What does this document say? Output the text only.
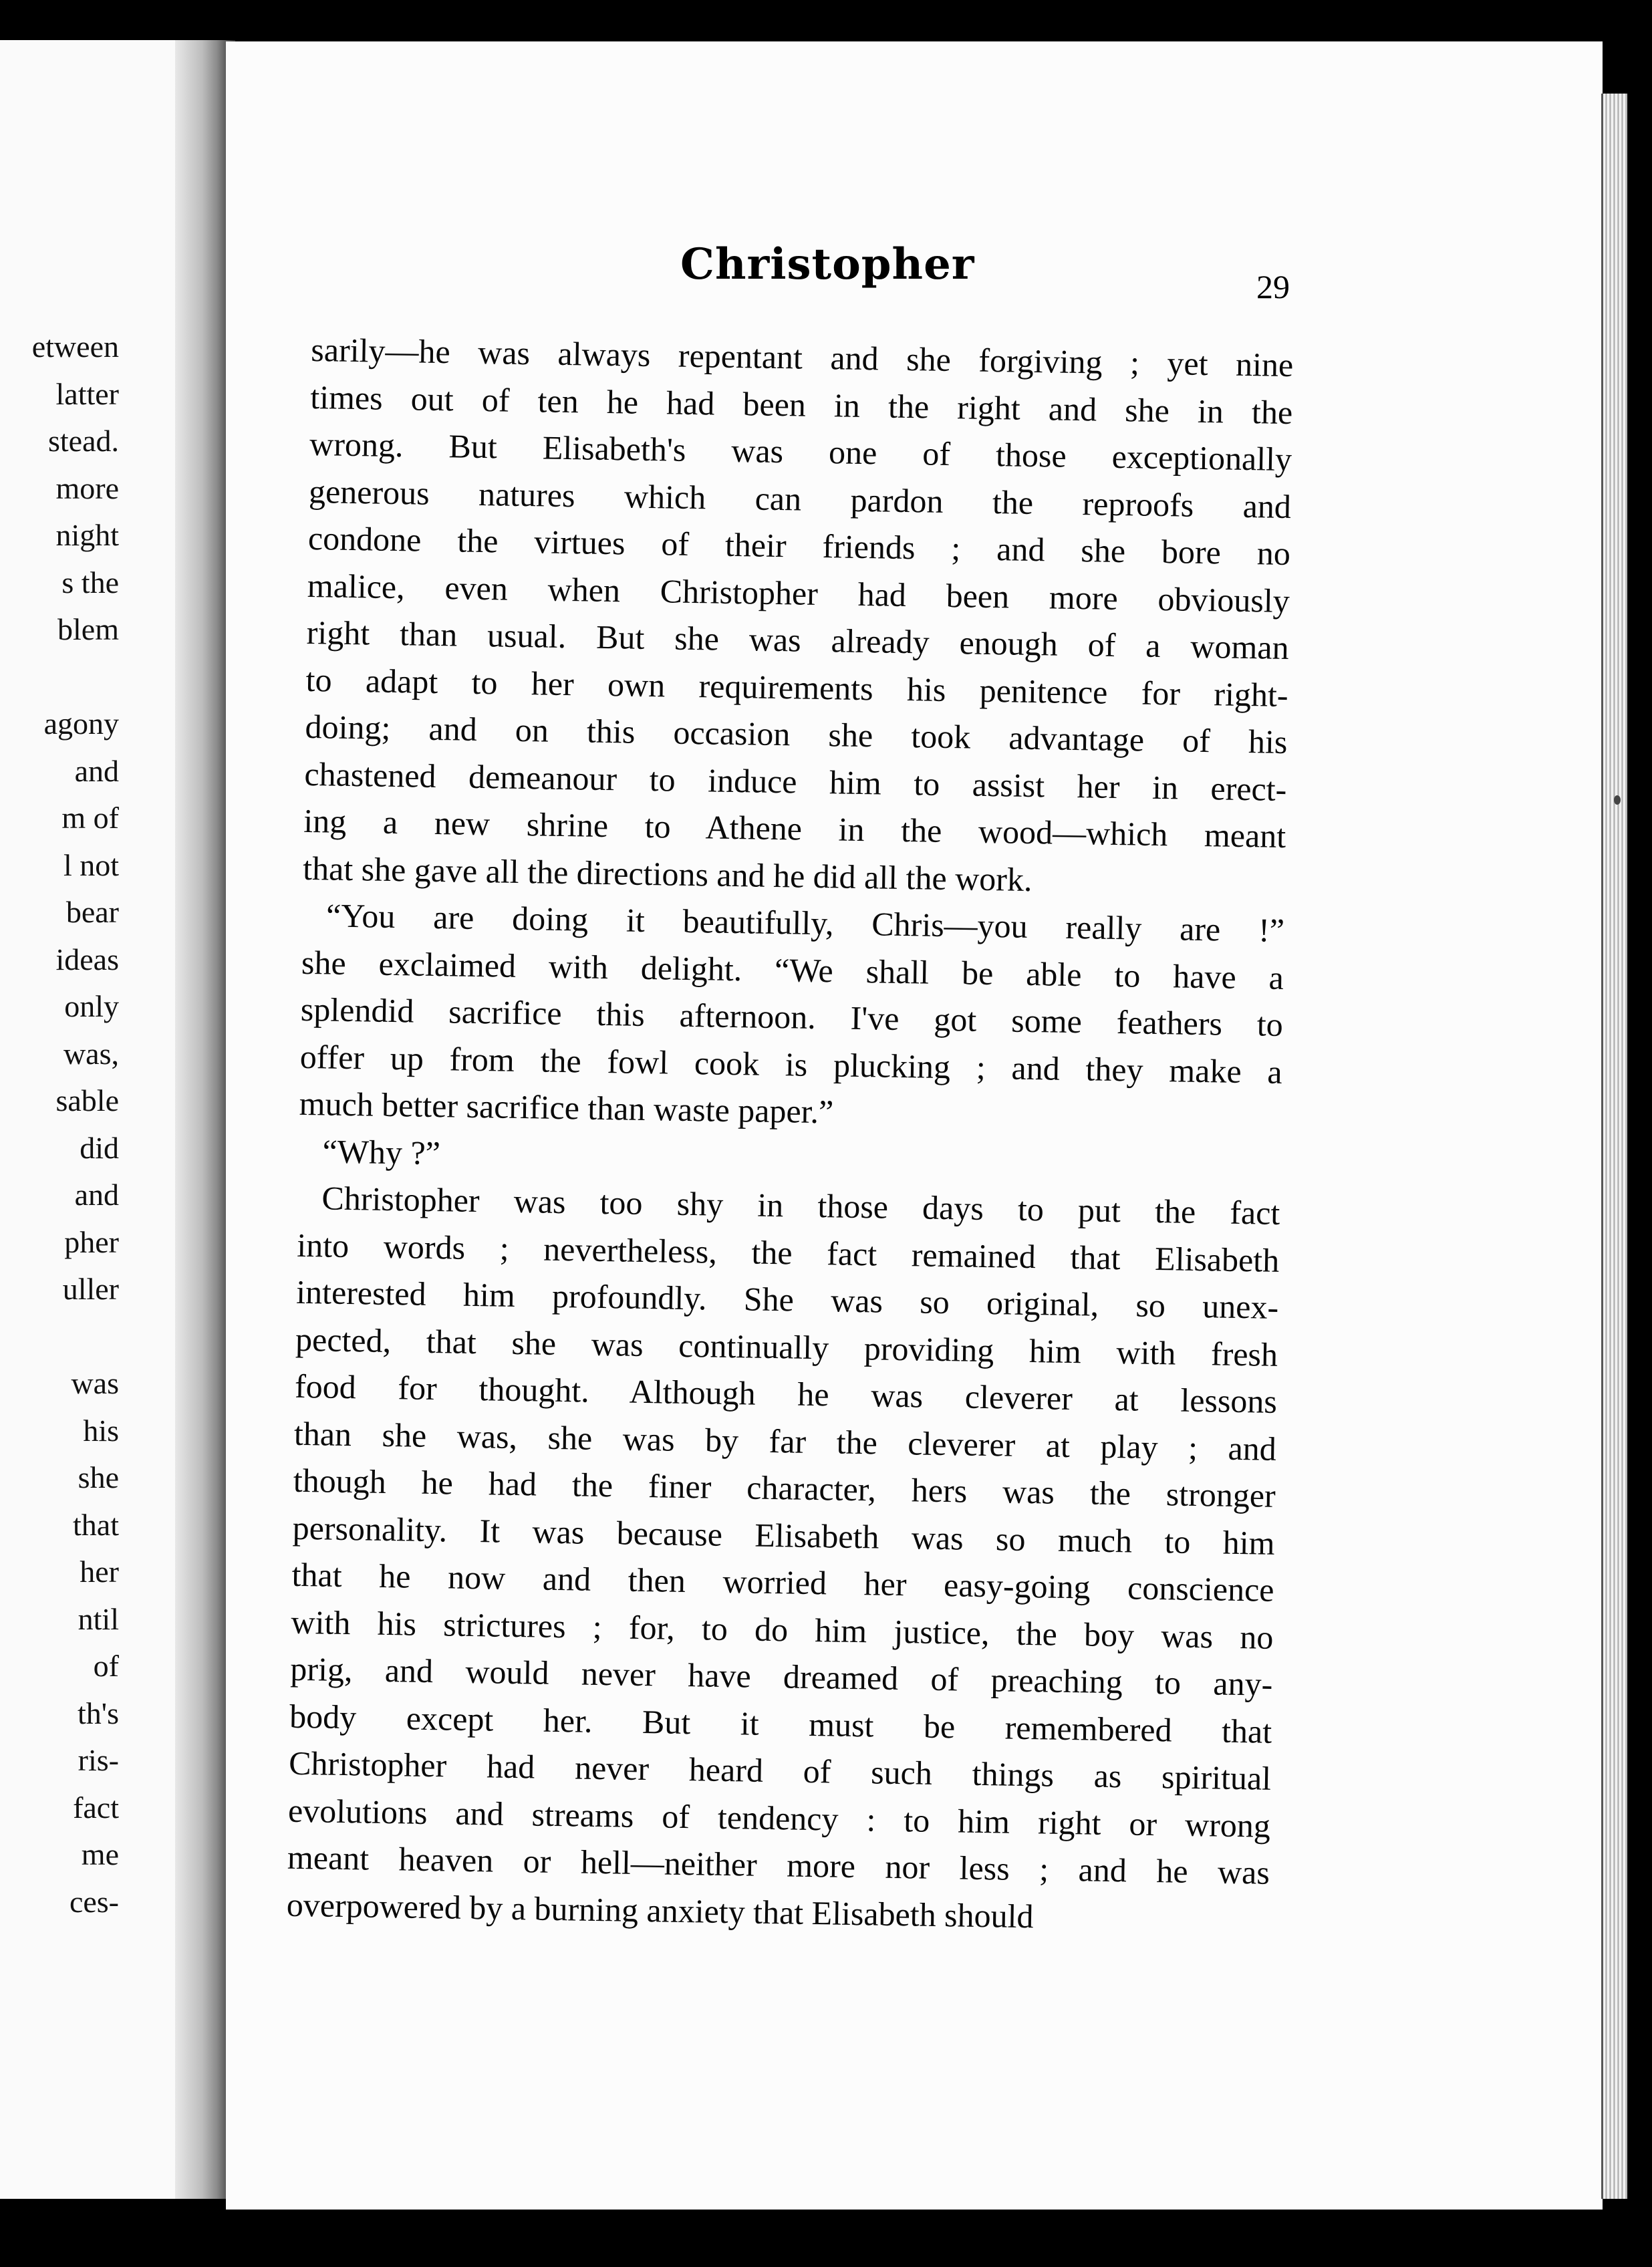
etween
latter
stead.
more
night
s the
blem
agony
and
m of
l not
bear
ideas
only
was,
sable
did
and
pher
uller
was
his
she
that
her
ntil
of
th's
ris-
fact
me
ces-
Christopher	29
sarily—he was always repentant and she forgiving ; yet nine
times out of ten he had been in the right and she in the
wrong. But Elisabeth's was one of those exceptionally
generous natures which can pardon the reproofs and
condone the virtues of their friends ; and she bore no
malice, even when Christopher had been more obviously
right than usual. But she was already enough of a woman
to adapt to her own requirements his penitence for right-
doing; and on this occasion she took advantage of his
chastened demeanour to induce him to assist her in erect-
ing a new shrine to Athene in the wood—which meant
that she gave all the directions and he did all the work.
“You are doing it beautifully, Chris—you really are !”
she exclaimed with delight. “We shall be able to have a
splendid sacrifice this afternoon. I've got some feathers to
offer up from the fowl cook is plucking ; and they make a
much better sacrifice than waste paper.”
“Why ?”
Christopher was too shy in those days to put the fact
into words ; nevertheless, the fact remained that Elisabeth
interested him profoundly. She was so original, so unex-
pected, that she was continually providing him with fresh
food for thought. Although he was cleverer at lessons
than she was, she was by far the cleverer at play ; and
though he had the finer character, hers was the stronger
personality. It was because Elisabeth was so much to him
that he now and then worried her easy-going conscience
with his strictures ; for, to do him justice, the boy was no
prig, and would never have dreamed of preaching to any-
body except her. But it must be remembered that
Christopher had never heard of such things as spiritual
evolutions and streams of tendency : to him right or wrong
meant heaven or hell—neither more nor less ; and he was
overpowered by a burning anxiety that Elisabeth should
